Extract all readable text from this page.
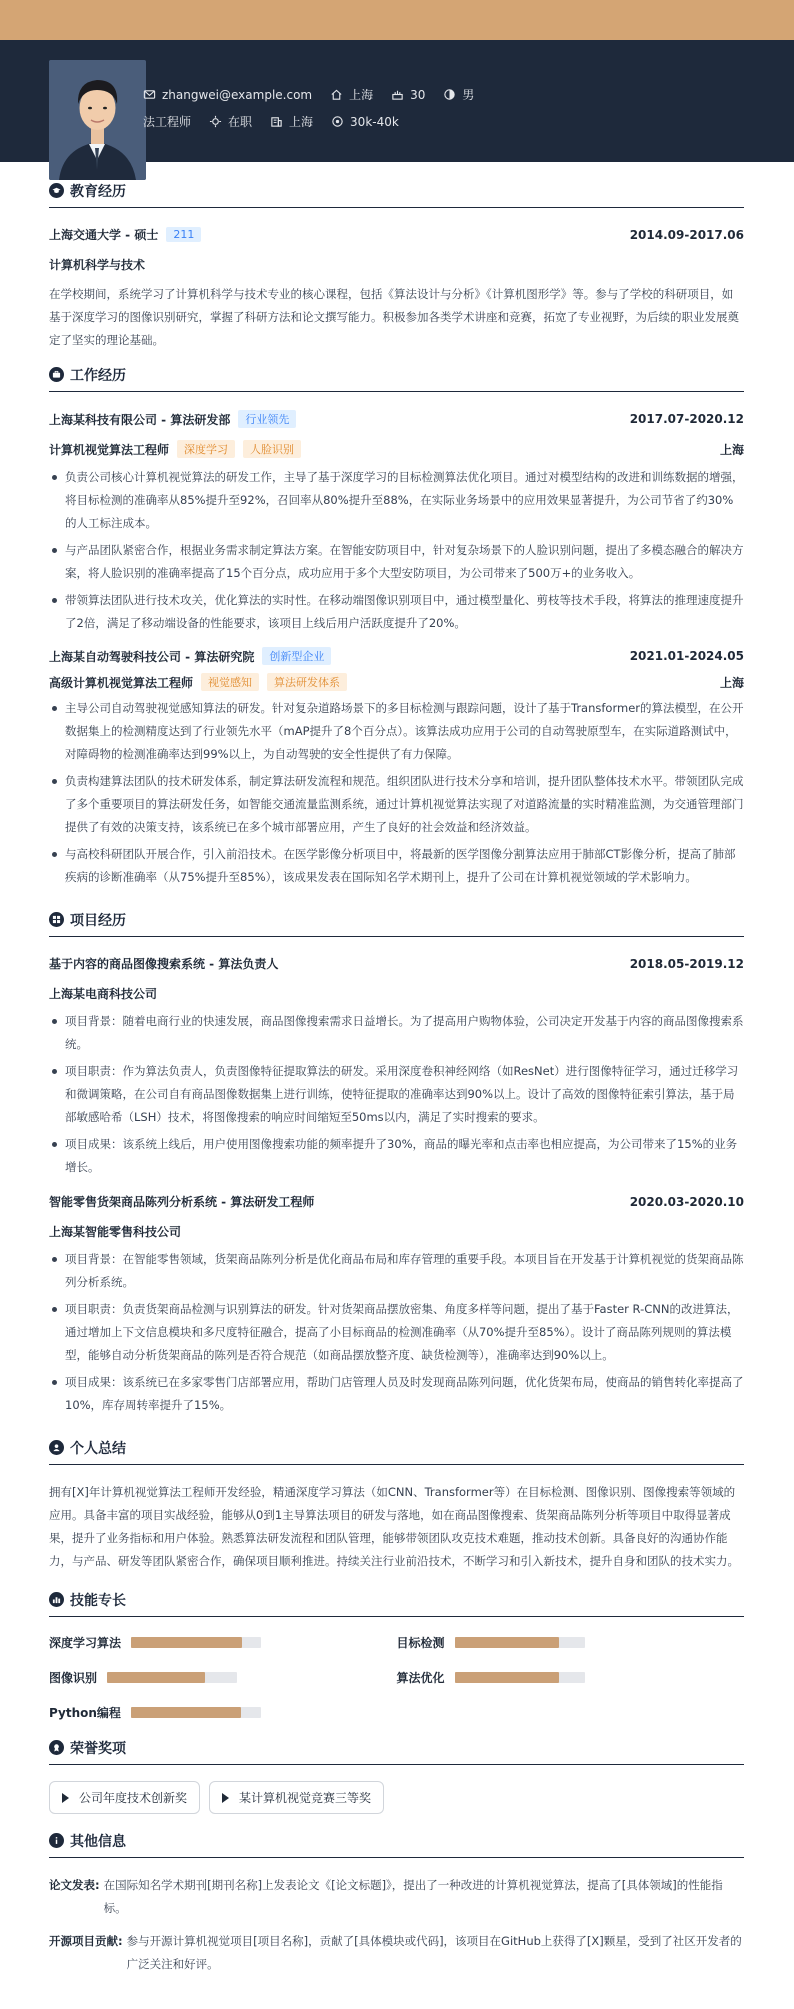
zhangwei@example.com	上海	30	男
法工程师	在职	上海	30k-40k
教育经历
上海交通大学 - 硕士	211	2014.09-2017.06
计算机科学与技术

在学校期间，系统学习了计算机科学与技术专业的核心课程，包括《算法设计与分析》《计算机图形学》等。参与了学校的科研项目，如基于深度学习的图像识别研究，掌握了科研方法和论文撰写能力。积极参加各类学术讲座和竞赛，拓宽了专业视野，为后续的职业发展奠定了坚实的理论基础。

工作经历
上海某科技有限公司 - 算法研发部	行业领先	2017.07-2020.12
计算机视觉算法工程师	深度学习	人脸识别	上海
负责公司核心计算机视觉算法的研发工作，主导了基于深度学习的目标检测算法优化项目。通过对模型结构的改进和训练数据的增强，将目标检测的准确率从85%提升至92%，召回率从80%提升至88%，在实际业务场景中的应用效果显著提升，为公司节省了约30%的人工标注成本。
与产品团队紧密合作，根据业务需求制定算法方案。在智能安防项目中，针对复杂场景下的人脸识别问题，提出了多模态融合的解决方案，将人脸识别的准确率提高了15个百分点，成功应用于多个大型安防项目，为公司带来了500万+的业务收入。
带领算法团队进行技术攻关，优化算法的实时性。在移动端图像识别项目中，通过模型量化、剪枝等技术手段，将算法的推理速度提升了2倍，满足了移动端设备的性能要求，该项目上线后用户活跃度提升了20%。
上海某自动驾驶科技公司 - 算法研究院	创新型企业	2021.01-2024.05
高级计算机视觉算法工程师	视觉感知	算法研发体系	上海
主导公司自动驾驶视觉感知算法的研发。针对复杂道路场景下的多目标检测与跟踪问题，设计了基于Transformer的算法模型，在公开数据集上的检测精度达到了行业领先水平（mAP提升了8个百分点）。该算法成功应用于公司的自动驾驶原型车，在实际道路测试中，对障碍物的检测准确率达到99%以上，为自动驾驶的安全性提供了有力保障。
负责构建算法团队的技术研发体系，制定算法研发流程和规范。组织团队进行技术分享和培训，提升团队整体技术水平。带领团队完成了多个重要项目的算法研发任务，如智能交通流量监测系统，通过计算机视觉算法实现了对道路流量的实时精准监测，为交通管理部门提供了有效的决策支持，该系统已在多个城市部署应用，产生了良好的社会效益和经济效益。
与高校科研团队开展合作，引入前沿技术。在医学影像分析项目中，将最新的医学图像分割算法应用于肺部CT影像分析，提高了肺部疾病的诊断准确率（从75%提升至85%），该成果发表在国际知名学术期刊上，提升了公司在计算机视觉领域的学术影响力。
项目经历
基于内容的商品图像搜索系统 - 算法负责人	2018.05-2019.12
上海某电商科技公司
项目背景：随着电商行业的快速发展，商品图像搜索需求日益增长。为了提高用户购物体验，公司决定开发基于内容的商品图像搜索系统。
项目职责：作为算法负责人，负责图像特征提取算法的研发。采用深度卷积神经网络（如ResNet）进行图像特征学习，通过迁移学习和微调策略，在公司自有商品图像数据集上进行训练，使特征提取的准确率达到90%以上。设计了高效的图像特征索引算法，基于局部敏感哈希（LSH）技术，将图像搜索的响应时间缩短至50ms以内，满足了实时搜索的要求。
项目成果：该系统上线后，用户使用图像搜索功能的频率提升了30%，商品的曝光率和点击率也相应提高，为公司带来了15%的业务增长。
智能零售货架商品陈列分析系统 - 算法研发工程师	2020.03-2020.10
上海某智能零售科技公司
项目背景：在智能零售领域，货架商品陈列分析是优化商品布局和库存管理的重要手段。本项目旨在开发基于计算机视觉的货架商品陈列分析系统。
项目职责：负责货架商品检测与识别算法的研发。针对货架商品摆放密集、角度多样等问题，提出了基于Faster R-CNN的改进算法，通过增加上下文信息模块和多尺度特征融合，提高了小目标商品的检测准确率（从70%提升至85%）。设计了商品陈列规则的算法模型，能够自动分析货架商品的陈列是否符合规范（如商品摆放整齐度、缺货检测等），准确率达到90%以上。
项目成果：该系统已在多家零售门店部署应用，帮助门店管理人员及时发现商品陈列问题，优化货架布局，使商品的销售转化率提高了10%，库存周转率提升了15%。
个人总结

拥有[X]年计算机视觉算法工程师开发经验，精通深度学习算法（如CNN、Transformer等）在目标检测、图像识别、图像搜索等领域的应用。具备丰富的项目实战经验，能够从0到1主导算法项目的研发与落地，如在商品图像搜索、货架商品陈列分析等项目中取得显著成果，提升了业务指标和用户体验。熟悉算法研发流程和团队管理，能够带领团队攻克技术难题，推动技术创新。具备良好的沟通协作能力，与产品、研发等团队紧密合作，确保项目顺利推进。持续关注行业前沿技术，不断学习和引入新技术，提升自身和团队的技术实力。

技能专长
深度学习算法	目标检测
图像识别	算法优化
Python编程
荣誉奖项
公司年度技术创新奖	某计算机视觉竞赛三等奖
其他信息
论文发表: 在国际知名学术期刊[期刊名称]上发表论文《[论文标题]》，提出了一种改进的计算机视觉算法，提高了[具体领域]的性能指标。
开源项目贡献: 参与开源计算机视觉项目[项目名称]，贡献了[具体模块或代码]，该项目在GitHub上获得了[X]颗星，受到了社区开发者的广泛关注和好评。
